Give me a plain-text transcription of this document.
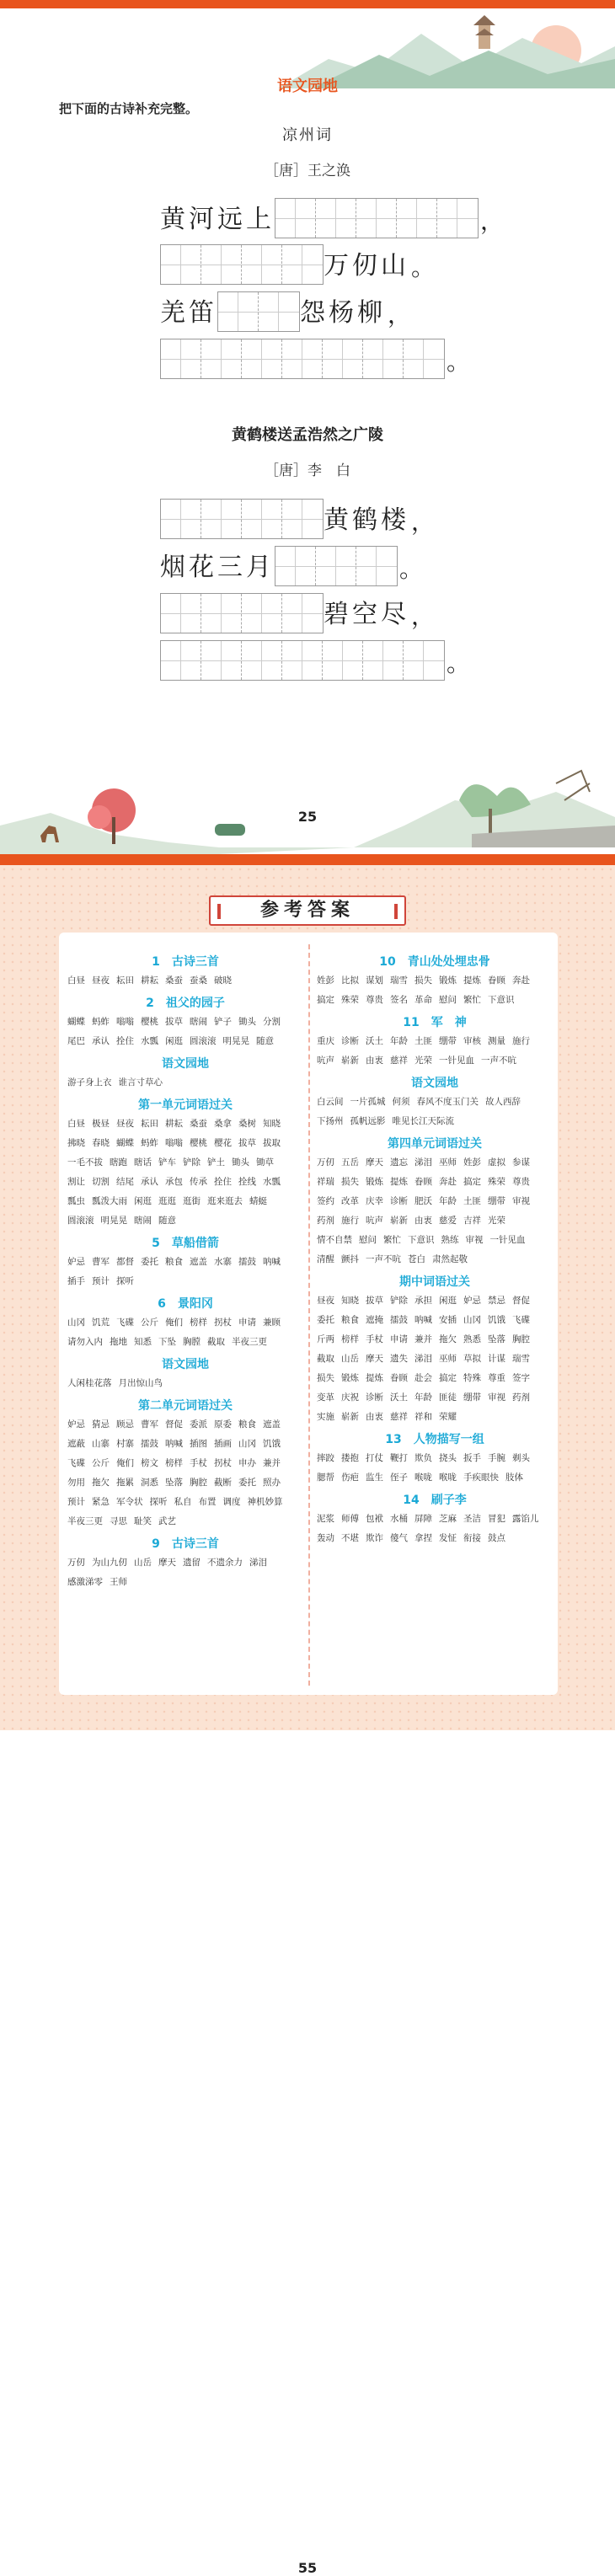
语文园地
把下面的古诗补充完整。
凉州词
［唐］王之涣
黄河远上	，
万仞山 。
羌笛	怨杨柳 ，
。
黄鹤楼送孟浩然之广陵
［唐］李　白
黄鹤楼 ，
烟花三月	。
碧空尽 ，
。
25
参考答案
1　古诗三首
白昼 昼夜 耘田 耕耘 桑蚕 蚕桑 破晓
2　祖父的园子
蝴蝶 蚂蚱 嗡嗡 樱桃 拔草 瞎闹 铲子 锄头 分割尾巴 承认 拴住 水瓢 闲逛 圆滚滚 明晃晃 随意
语文园地
游子身上衣 谁言寸草心
第一单元词语过关
白昼 极昼 昼夜 耘田 耕耘 桑蚕 桑拿 桑树 知晓拂晓 春晓 蝴蝶 蚂蚱 嗡嗡 樱桃 樱花 拔草 拔取一毛不拔 瞎跑 瞎话 铲车 铲除 铲土 锄头 锄草割让 切割 结尾 承认 承包 传承 拴住 拴线 水瓢瓢虫 瓢泼大雨 闲逛 逛逛 逛街 逛来逛去 蜻蜓圆滚滚 明晃晃 瞎闹 随意
5　草船借箭
妒忌 曹军 都督 委托 粮食 遮盖 水寨 擂鼓 呐喊插手 预计 探听
6　景阳冈
山冈 饥荒 飞碟 公斤 俺们 榜样 拐杖 申请 兼顾请勿入内 拖地 知悉 下坠 胸膛 截取 半夜三更
语文园地
人闲桂花落 月出惊山鸟
第二单元词语过关
妒忌 猜忌 顾忌 曹军 督促 委派 原委 粮食 遮盖遮蔽 山寨 村寨 擂鼓 呐喊 插图 插画 山冈 饥饿飞碟 公斤 俺们 榜文 榜样 手杖 拐杖 申办 兼并勿用 拖欠 拖累 洞悉 坠落 胸腔 截断 委托 照办预计 紧急 军令状 探听 私自 布置 调度 神机妙算半夜三更 寻思 耻笑 武艺
9　古诗三首
万仞 为山九仞 山岳 摩天 遗留 不遗余力 涕泪感激涕零 王师
10　青山处处埋忠骨
姓彭 比拟 谋划 瑞雪 损失 锻炼 提炼 眷顾 奔赴搞定 殊荣 尊贵 签名 革命 慰问 繁忙 下意识
11　军　神
重庆 诊断 沃土 年龄 土匪 绷带 审核 测量 施行吭声 崭新 由衷 慈祥 光荣 一针见血 一声不吭
语文园地
白云间 一片孤城 何须 春风不度玉门关 故人西辞下扬州 孤帆远影 唯见长江天际流
第四单元词语过关
万仞 五岳 摩天 遗忘 涕泪 巫师 姓彭 虚拟 参谋祥瑞 损失 锻炼 提炼 眷顾 奔赴 搞定 殊荣 尊贵签约 改革 庆幸 诊断 肥沃 年龄 土匪 绷带 审视药剂 施行 吭声 崭新 由衷 慈爱 吉祥 光荣情不自禁 慰问 繁忙 下意识 熟练 审视 一针见血清醒 颤抖 一声不吭 苍白 肃然起敬
期中词语过关
昼夜 知晓 拔草 铲除 承担 闲逛 妒忌 禁忌 督促委托 粮食 遮掩 擂鼓 呐喊 安插 山冈 饥饿 飞碟斤两 榜样 手杖 申请 兼并 拖欠 熟悉 坠落 胸腔截取 山岳 摩天 遗失 涕泪 巫师 草拟 计谋 瑞雪损失 锻炼 提炼 眷顾 赴会 搞定 特殊 尊重 签字变革 庆祝 诊断 沃土 年龄 匪徒 绷带 审视 药剂实施 崭新 由衷 慈祥 祥和 荣耀
13　人物描写一组
摔跤 搂抱 打仗 鞭打 欺负 挠头 扳手 手腕 剃头腮帮 伤疤 监生 侄子 喉咙 喉咙 手疾眼快 肢体
14　刷子李
泥浆 师傅 包袱 水桶 屏障 芝麻 圣洁 冒犯 露馅儿轰动 不堪 欺诈 傻气 拿捏 发怔 衔接 鼓点
55
